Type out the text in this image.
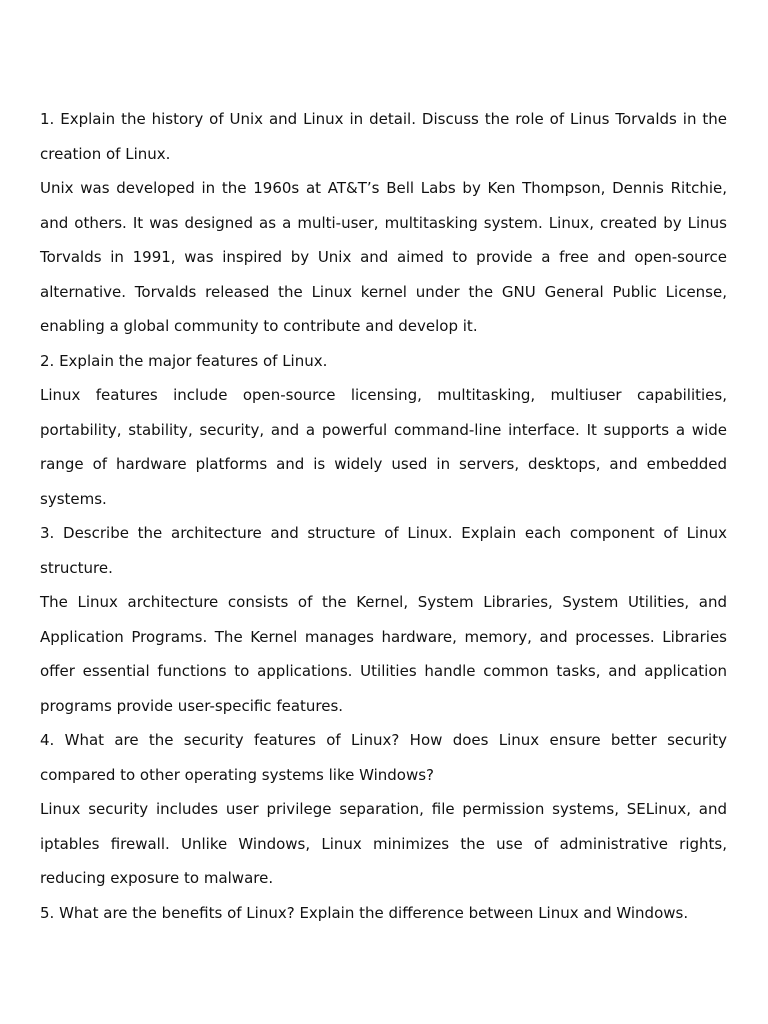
1. Explain the history of Unix and Linux in detail. Discuss the role of Linus Torvalds in the creation of Linux.

Unix was developed in the 1960s at AT&T’s Bell Labs by Ken Thompson, Dennis Ritchie, and others. It was designed as a multi-user, multitasking system. Linux, created by Linus Torvalds in 1991, was inspired by Unix and aimed to provide a free and open-source alternative. Torvalds released the Linux kernel under the GNU General Public License, enabling a global community to contribute and develop it.

2. Explain the major features of Linux.

Linux features include open-source licensing, multitasking, multiuser capabilities, portability, stability, security, and a powerful command-line interface. It supports a wide range of hardware platforms and is widely used in servers, desktops, and embedded systems.

3. Describe the architecture and structure of Linux. Explain each component of Linux structure.

The Linux architecture consists of the Kernel, System Libraries, System Utilities, and Application Programs. The Kernel manages hardware, memory, and processes. Libraries offer essential functions to applications. Utilities handle common tasks, and application programs provide user-specific features.

4. What are the security features of Linux? How does Linux ensure better security compared to other operating systems like Windows?

Linux security includes user privilege separation, file permission systems, SELinux, and iptables firewall. Unlike Windows, Linux minimizes the use of administrative rights, reducing exposure to malware.

5. What are the benefits of Linux? Explain the difference between Linux and Windows.
